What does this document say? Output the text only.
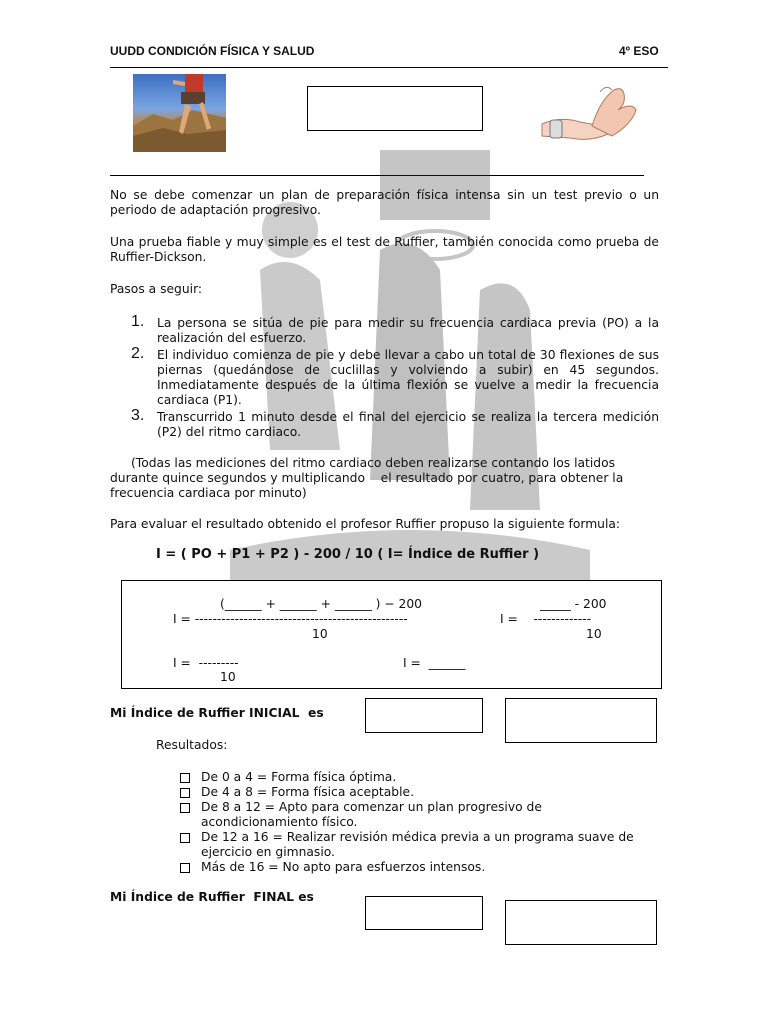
UUDD CONDICIÓN FÍSICA Y SALUD	4º ESO
No se debe comenzar un plan de preparación física intensa sin un test previo o un periodo de adaptación progresivo.
Una prueba fiable y muy simple es el test de Ruffier, también conocida como prueba de Ruffier-Dickson.
Pasos a seguir:
1. La persona se sitúa de pie para medir su frecuencia cardiaca previa (PO) a la realización del esfuerzo.
2. El individuo comienza de pie y debe llevar a cabo un total de 30 flexiones de sus piernas (quedándose de cuclillas y volviendo a subir) en 45 segundos. Inmediatamente después de la última flexión se vuelve a medir la frecuencia cardiaca (P1).
3. Transcurrido 1 minuto desde el final del ejercicio se realiza la tercera medición (P2) del ritmo cardiaco.
(Todas las mediciones del ritmo cardiaco deben realizarse contando los latidos
durante quince segundos y multiplicando    el resultado por cuatro, para obtener la
frecuencia cardiaca por minuto)
Para evaluar el resultado obtenido el profesor Ruffier propuso la siguiente formula:
I = ( PO + P1 + P2 ) - 200 / 10 ( I= Índice de Ruffier )
(______ + ______ + ______ ) − 200
I = ------------------------------------------------
10
_____ - 200
I =    -------------
10
I =  ---------
10
I =  ______
Mi Índice de Ruffier INICIAL  es
Resultados:
De 0 a 4 = Forma física óptima.
De 4 a 8 = Forma física aceptable.
De 8 a 12 = Apto para comenzar un plan progresivo de acondicionamiento físico.
De 12 a 16 = Realizar revisión médica previa a un programa suave de ejercicio en gimnasio.
Más de 16 = No apto para esfuerzos intensos.
Mi Índice de Ruffier  FINAL es
